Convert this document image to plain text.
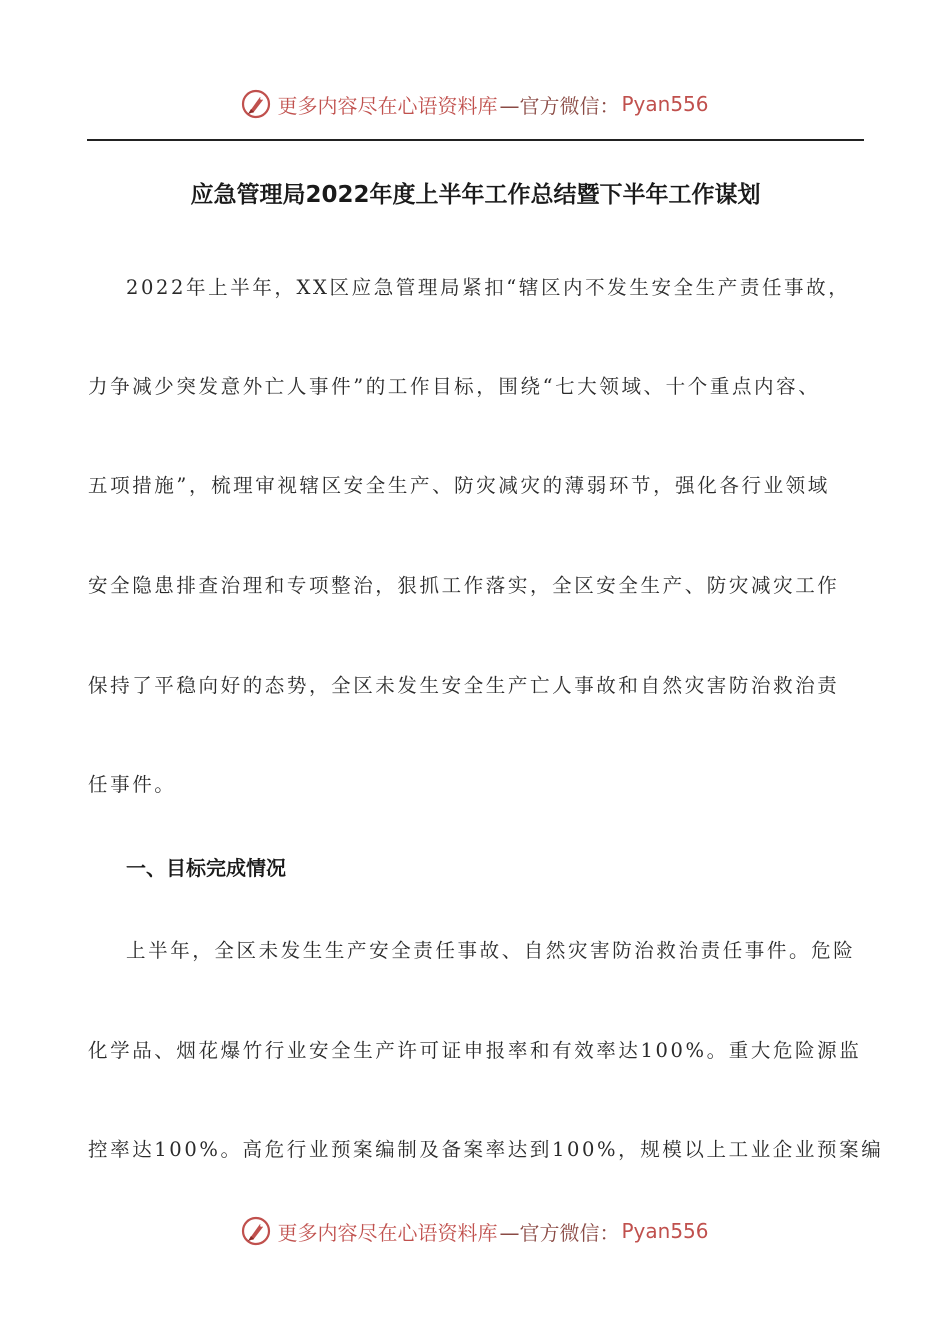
更多内容尽在心语资料库 —官方微信： Pyan556
应急管理局2022年度上半年工作总结暨下半年工作谋划
2022年上半年，XX区应急管理局紧扣“辖区内不发生安全生产责任事故，
力争减少突发意外亡人事件”的工作目标，围绕“七大领域、十个重点内容、
五项措施”，梳理审视辖区安全生产、防灾减灾的薄弱环节，强化各行业领域
安全隐患排查治理和专项整治，狠抓工作落实，全区安全生产、防灾减灾工作
保持了平稳向好的态势，全区未发生安全生产亡人事故和自然灾害防治救治责
任事件。
一、目标完成情况
上半年，全区未发生生产安全责任事故、自然灾害防治救治责任事件。危险
化学品、烟花爆竹行业安全生产许可证申报率和有效率达100%。重大危险源监
控率达100%。高危行业预案编制及备案率达到100%，规模以上工业企业预案编
更多内容尽在心语资料库 —官方微信： Pyan556
